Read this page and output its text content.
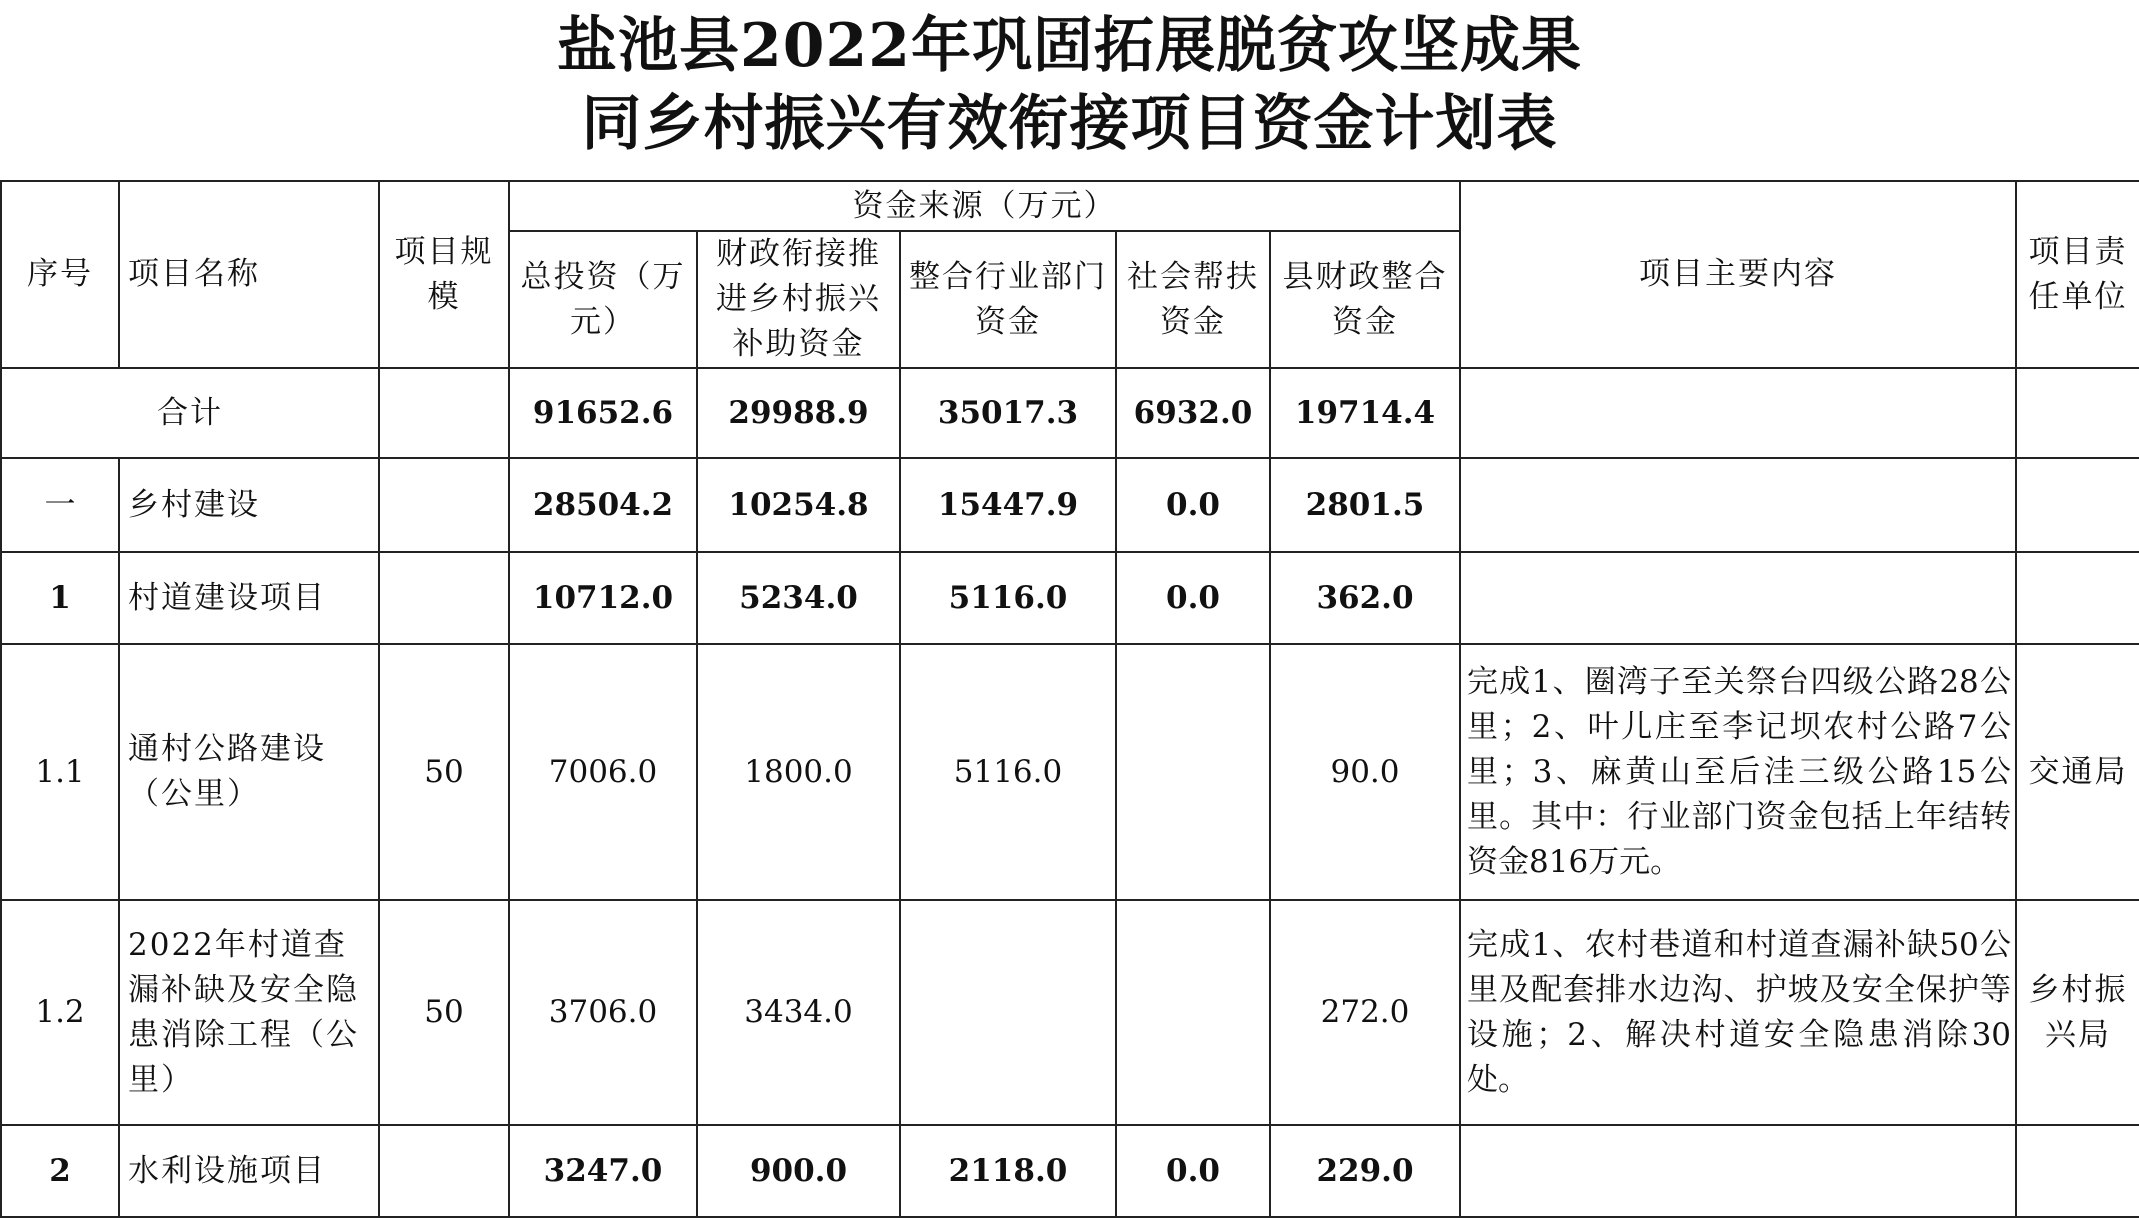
盐池县2022年巩固拓展脱贫攻坚成果
同乡村振兴有效衔接项目资金计划表
序号	项目名称	项目规模	资金来源（万元）					项目主要内容	项目责任单位
			总投资（万元）	财政衔接推进乡村振兴补助资金	整合行业部门资金	社会帮扶资金	县财政整合资金		
合计			91652.6	29988.9	35017.3	6932.0	19714.4		
一	乡村建设		28504.2	10254.8	15447.9	0.0	2801.5		
1	村道建设项目		10712.0	5234.0	5116.0	0.0	362.0		
1.1	通村公路建设（公里）	50	7006.0	1800.0	5116.0		90.0	完成1、圈湾子至关祭台四级公路28公里；2、叶儿庄至李记坝农村公路7公里；3、麻黄山至后洼三级公路15公里。其中：行业部门资金包括上年结转资金816万元。	交通局
1.2	2022年村道查漏补缺及安全隐患消除工程（公里）	50	3706.0	3434.0			272.0	完成1、农村巷道和村道查漏补缺50公里及配套排水边沟、护坡及安全保护等设施；2、解决村道安全隐患消除30处。	乡村振兴局
2	水利设施项目		3247.0	900.0	2118.0	0.0	229.0		
